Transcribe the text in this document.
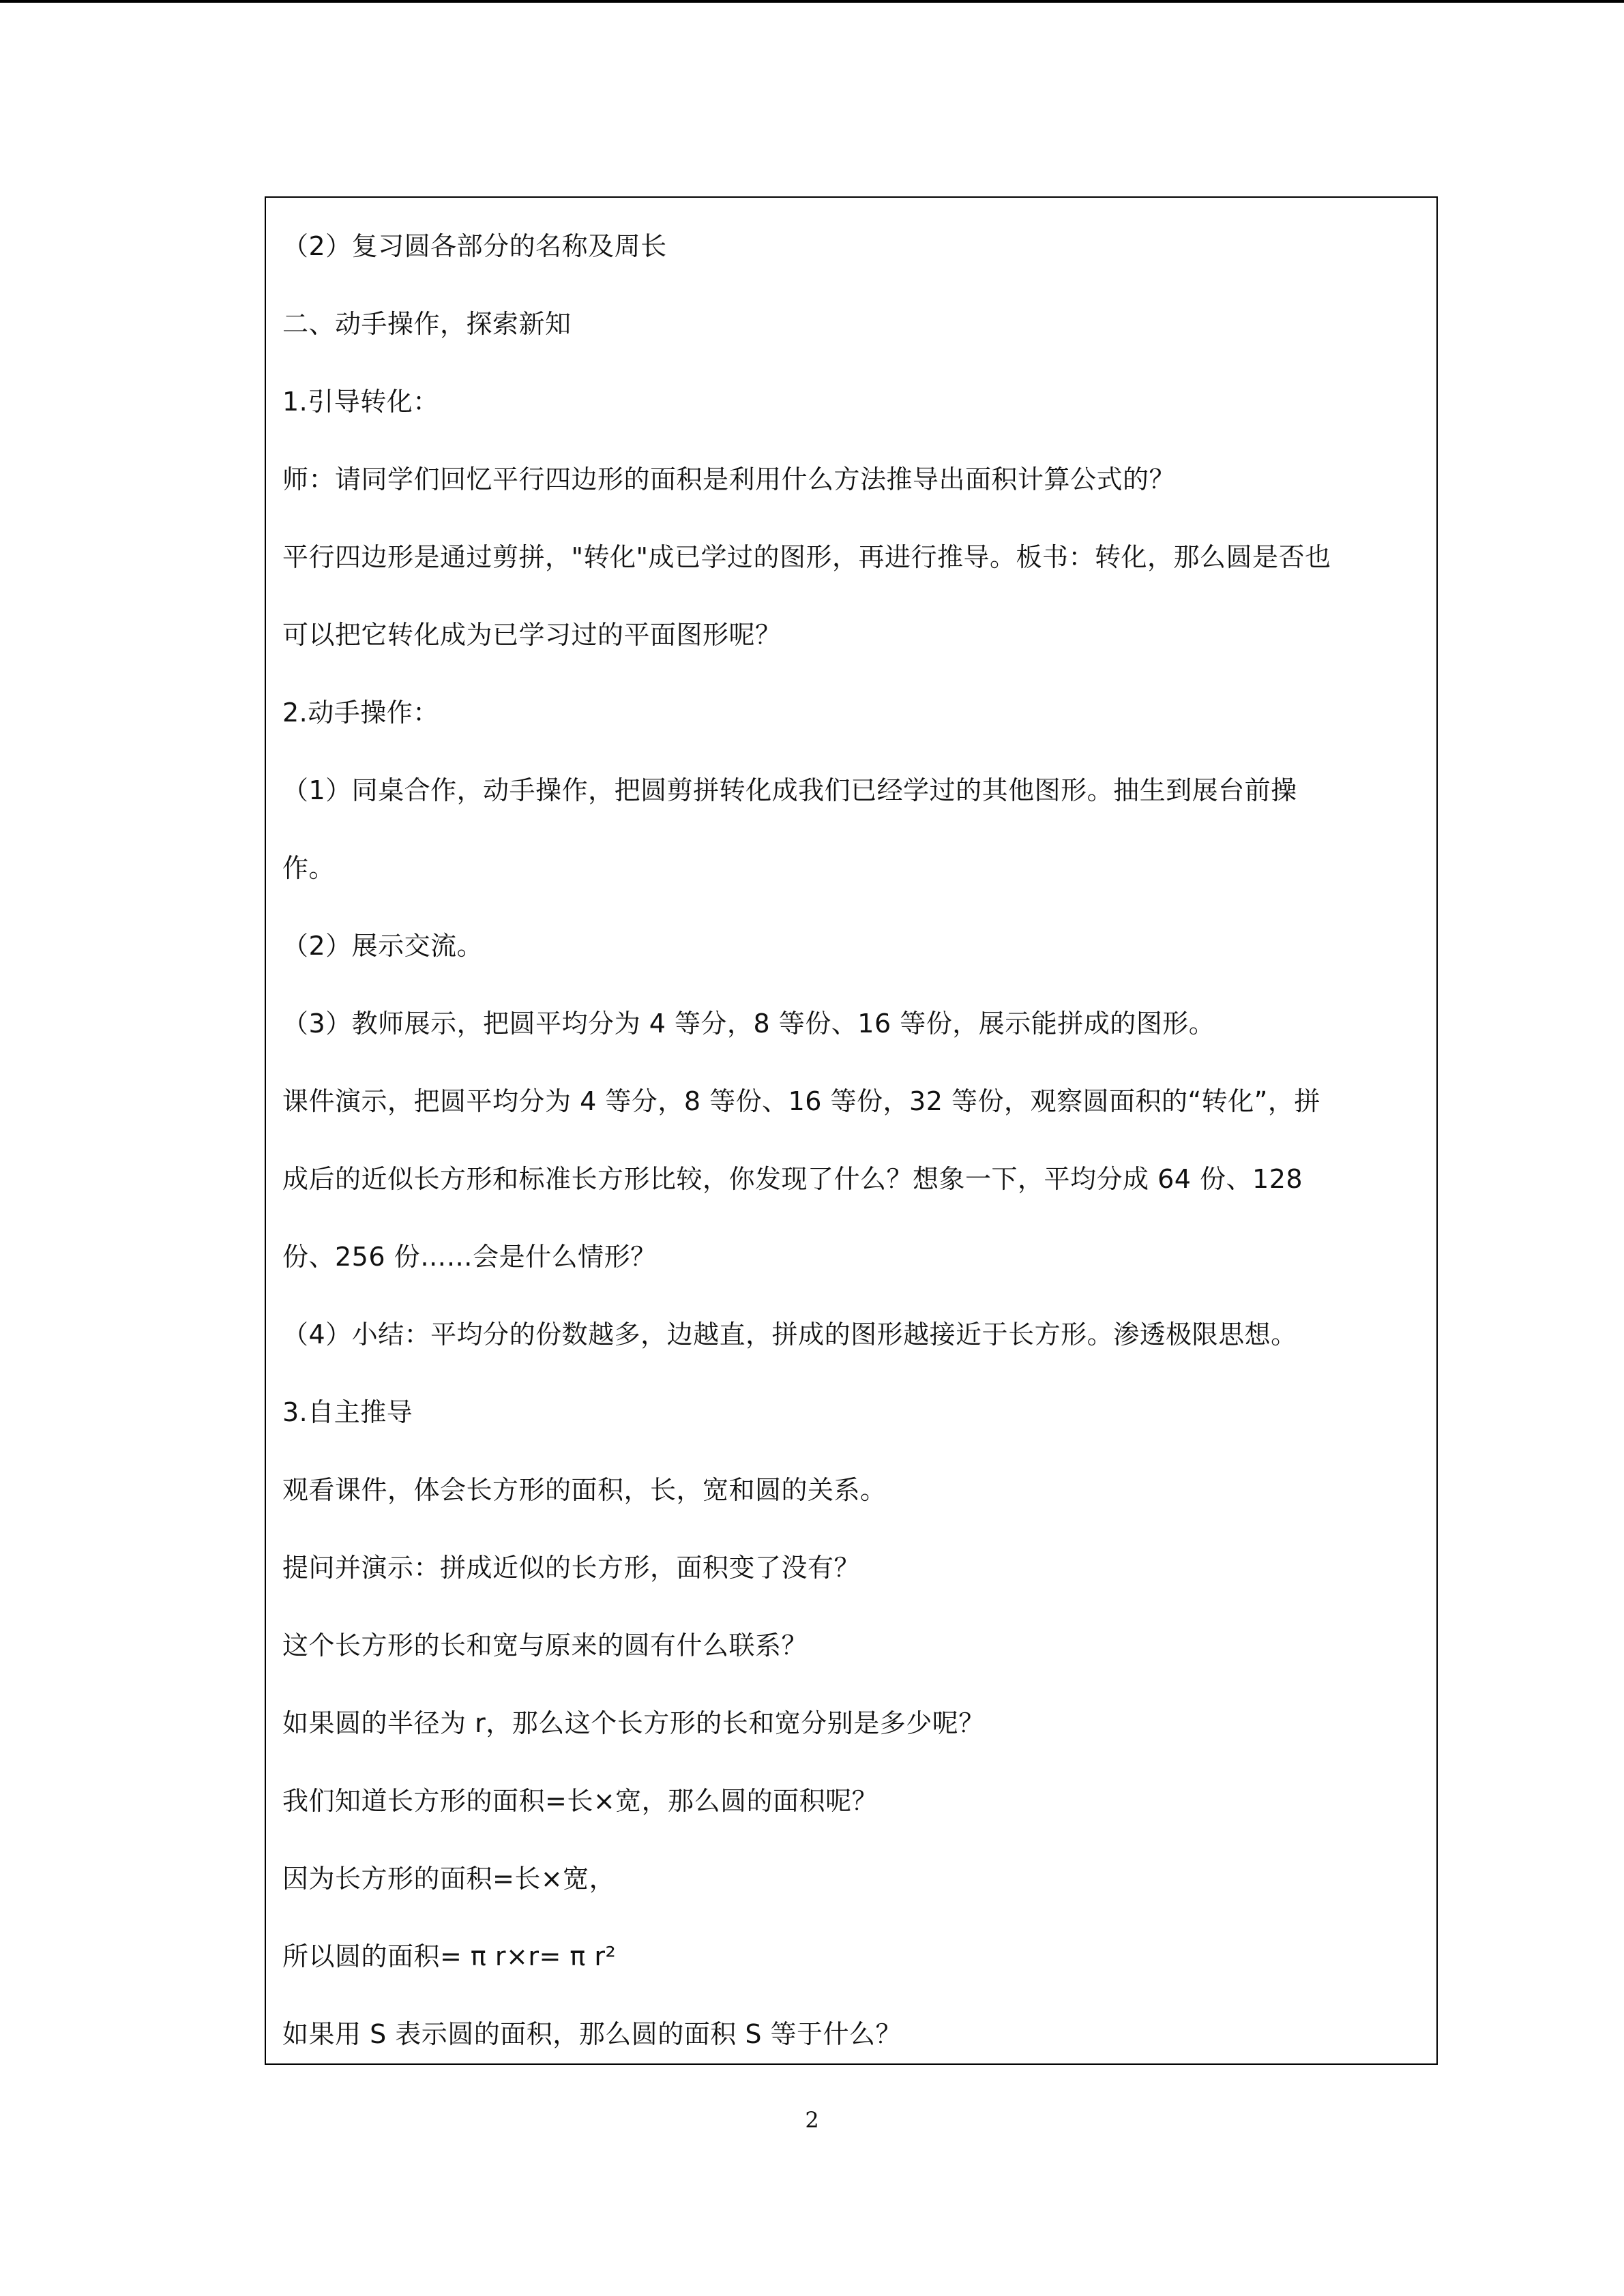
（2）复习圆各部分的名称及周长
二、动手操作，探索新知
1.引导转化：
师：请同学们回忆平行四边形的面积是利用什么方法推导出面积计算公式的？
平行四边形是通过剪拼，"转化"成已学过的图形，再进行推导。板书：转化，那么圆是否也
可以把它转化成为已学习过的平面图形呢？
2.动手操作：
（1）同桌合作，动手操作，把圆剪拼转化成我们已经学过的其他图形。抽生到展台前操
作。
（2）展示交流。
（3）教师展示，把圆平均分为 4 等分，8 等份、16 等份，展示能拼成的图形。
课件演示，把圆平均分为 4 等分，8 等份、16 等份，32 等份，观察圆面积的“转化”，拼
成后的近似长方形和标准长方形比较，你发现了什么？想象一下，平均分成 64 份、128
份、256 份……会是什么情形？
（4）小结：平均分的份数越多，边越直，拼成的图形越接近于长方形。渗透极限思想。
3.自主推导
观看课件，体会长方形的面积，长，宽和圆的关系。
提问并演示：拼成近似的长方形，面积变了没有？
这个长方形的长和宽与原来的圆有什么联系？
如果圆的半径为 r，那么这个长方形的长和宽分别是多少呢？
我们知道长方形的面积=长×宽，那么圆的面积呢？
因为长方形的面积=长×宽，
所以圆的面积= π r×r= π r²
如果用 S 表示圆的面积，那么圆的面积 S 等于什么？
2
